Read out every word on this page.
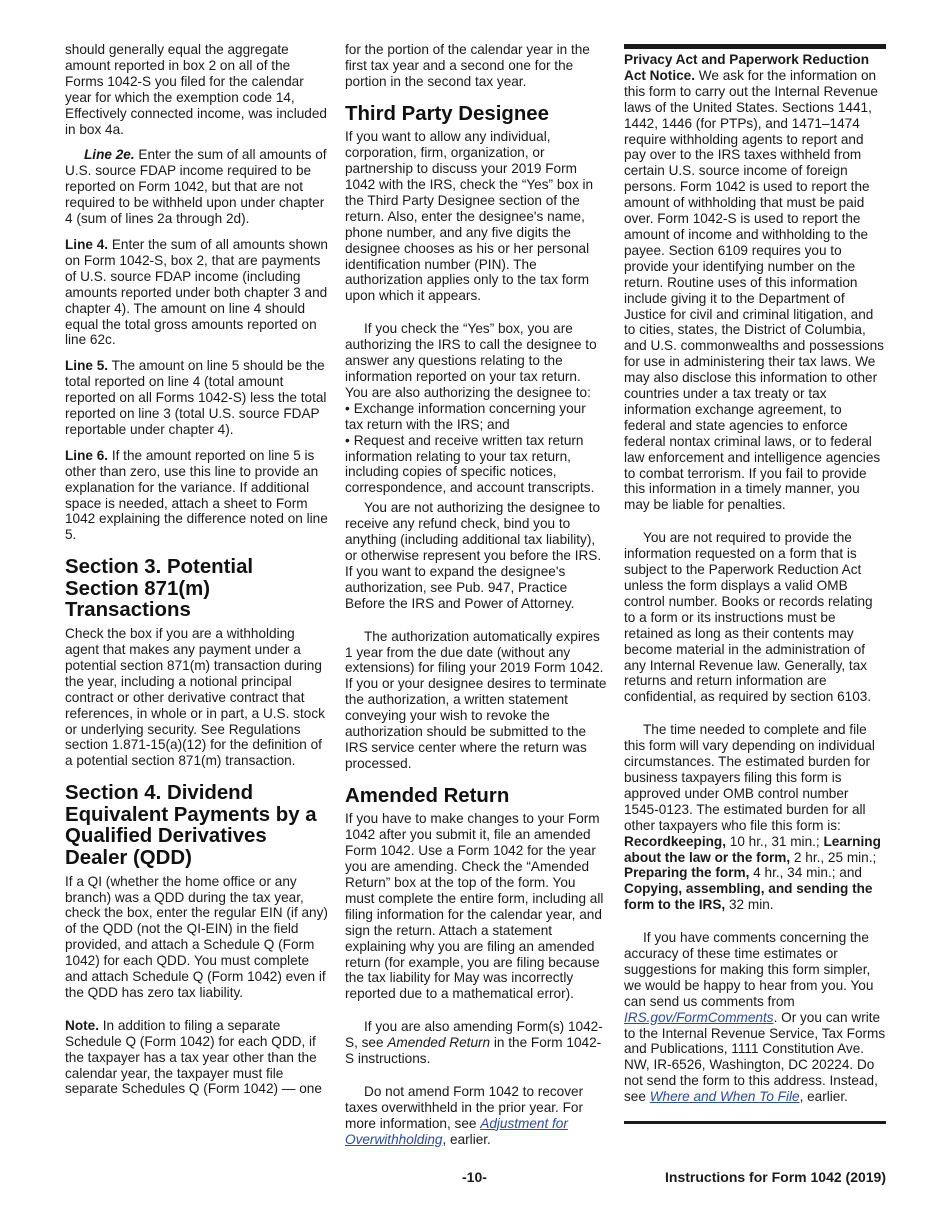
should generally equal the aggregate amount reported in box 2 on all of the Forms 1042-S you filed for the calendar year for which the exemption code 14, Effectively connected income, was included in box 4a.

Line 2e. Enter the sum of all amounts of U.S. source FDAP income required to be reported on Form 1042, but that are not required to be withheld upon under chapter 4 (sum of lines 2a through 2d).

Line 4. Enter the sum of all amounts shown on Form 1042-S, box 2, that are payments of U.S. source FDAP income (including amounts reported under both chapter 3 and chapter 4). The amount on line 4 should equal the total gross amounts reported on line 62c.

Line 5. The amount on line 5 should be the total reported on line 4 (total amount reported on all Forms 1042-S) less the total reported on line 3 (total U.S. source FDAP reportable under chapter 4).

Line 6. If the amount reported on line 5 is other than zero, use this line to provide an explanation for the variance. If additional space is needed, attach a sheet to Form 1042 explaining the difference noted on line 5.

Section 3. Potential Section 871(m) Transactions

Check the box if you are a withholding agent that makes any payment under a potential section 871(m) transaction during the year, including a notional principal contract or other derivative contract that references, in whole or in part, a U.S. stock or underlying security. See Regulations section 1.871-15(a)(12) for the definition of a potential section 871(m) transaction.

Section 4. Dividend Equivalent Payments by a Qualified Derivatives Dealer (QDD)

If a QI (whether the home office or any branch) was a QDD during the tax year, check the box, enter the regular EIN (if any) of the QDD (not the QI-EIN) in the field provided, and attach a Schedule Q (Form 1042) for each QDD. You must complete and attach Schedule Q (Form 1042) even if the QDD has zero tax liability.

Note. In addition to filing a separate Schedule Q (Form 1042) for each QDD, if the taxpayer has a tax year other than the calendar year, the taxpayer must file separate Schedules Q (Form 1042) — one

for the portion of the calendar year in the first tax year and a second one for the portion in the second tax year.

Third Party Designee

If you want to allow any individual, corporation, firm, organization, or partnership to discuss your 2019 Form 1042 with the IRS, check the “Yes” box in the Third Party Designee section of the return. Also, enter the designee's name, phone number, and any five digits the designee chooses as his or her personal identification number (PIN). The authorization applies only to the tax form upon which it appears.

If you check the “Yes” box, you are authorizing the IRS to call the designee to answer any questions relating to the information reported on your tax return. You are also authorizing the designee to:

• Exchange information concerning your tax return with the IRS; and

• Request and receive written tax return information relating to your tax return, including copies of specific notices, correspondence, and account transcripts.

You are not authorizing the designee to receive any refund check, bind you to anything (including additional tax liability), or otherwise represent you before the IRS. If you want to expand the designee's authorization, see Pub. 947, Practice Before the IRS and Power of Attorney.

The authorization automatically expires 1 year from the due date (without any extensions) for filing your 2019 Form 1042. If you or your designee desires to terminate the authorization, a written statement conveying your wish to revoke the authorization should be submitted to the IRS service center where the return was processed.

Amended Return

If you have to make changes to your Form 1042 after you submit it, file an amended Form 1042. Use a Form 1042 for the year you are amending. Check the “Amended Return” box at the top of the form. You must complete the entire form, including all filing information for the calendar year, and sign the return. Attach a statement explaining why you are filing an amended return (for example, you are filing because the tax liability for May was incorrectly reported due to a mathematical error).

If you are also amending Form(s) 1042-S, see Amended Return in the Form 1042-S instructions.

Do not amend Form 1042 to recover taxes overwithheld in the prior year. For more information, see Adjustment for Overwithholding, earlier.

Privacy Act and Paperwork Reduction Act Notice. We ask for the information on this form to carry out the Internal Revenue laws of the United States. Sections 1441, 1442, 1446 (for PTPs), and 1471–1474 require withholding agents to report and pay over to the IRS taxes withheld from certain U.S. source income of foreign persons. Form 1042 is used to report the amount of withholding that must be paid over. Form 1042-S is used to report the amount of income and withholding to the payee. Section 6109 requires you to provide your identifying number on the return. Routine uses of this information include giving it to the Department of Justice for civil and criminal litigation, and to cities, states, the District of Columbia, and U.S. commonwealths and possessions for use in administering their tax laws. We may also disclose this information to other countries under a tax treaty or tax information exchange agreement, to federal and state agencies to enforce federal nontax criminal laws, or to federal law enforcement and intelligence agencies to combat terrorism. If you fail to provide this information in a timely manner, you may be liable for penalties.

You are not required to provide the information requested on a form that is subject to the Paperwork Reduction Act unless the form displays a valid OMB control number. Books or records relating to a form or its instructions must be retained as long as their contents may become material in the administration of any Internal Revenue law. Generally, tax returns and return information are confidential, as required by section 6103.

The time needed to complete and file this form will vary depending on individual circumstances. The estimated burden for business taxpayers filing this form is approved under OMB control number 1545-0123. The estimated burden for all other taxpayers who file this form is: Recordkeeping, 10 hr., 31 min.; Learning about the law or the form, 2 hr., 25 min.; Preparing the form, 4 hr., 34 min.; and Copying, assembling, and sending the form to the IRS, 32 min.

If you have comments concerning the accuracy of these time estimates or suggestions for making this form simpler, we would be happy to hear from you. You can send us comments from IRS.gov/FormComments. Or you can write to the Internal Revenue Service, Tax Forms and Publications, 1111 Constitution Ave. NW, IR-6526, Washington, DC 20224. Do not send the form to this address. Instead, see Where and When To File, earlier.

-10-	Instructions for Form 1042 (2019)
